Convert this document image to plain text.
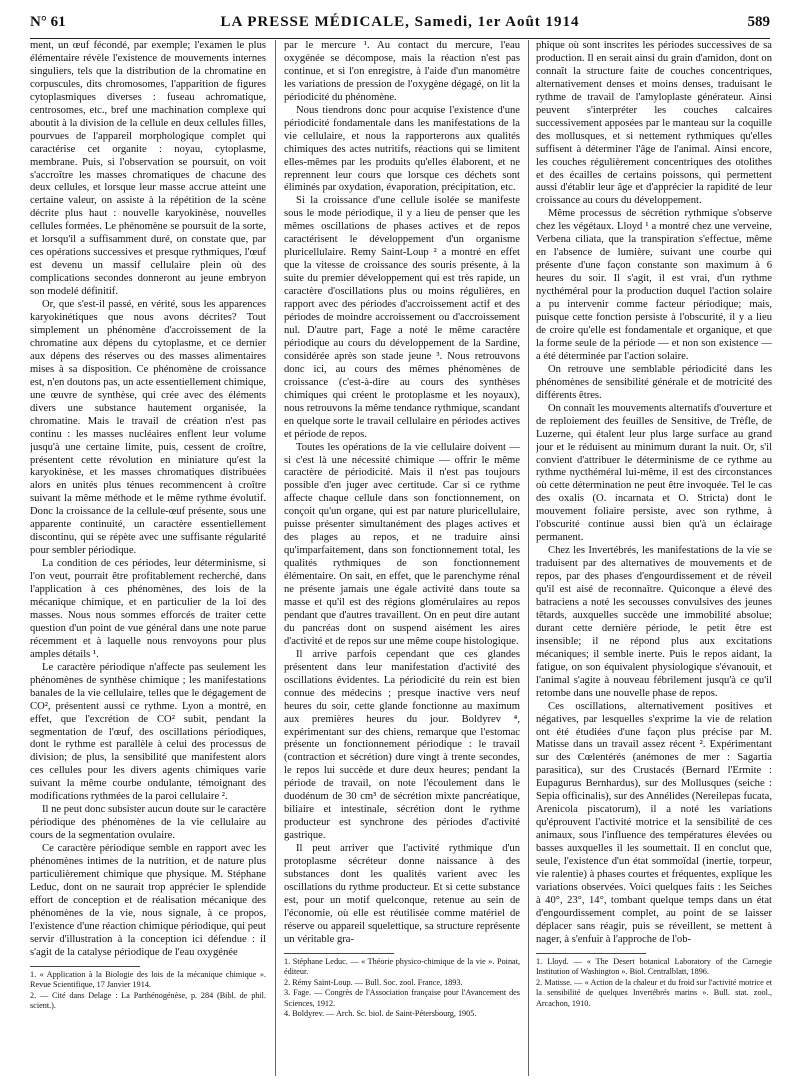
N° 61	LA PRESSE MÉDICALE, Samedi, 1er Août 1914	589

ment, un œuf fécondé, par exemple; l'examen le plus élémentaire révèle l'existence de mouvements internes singuliers, tels que la distribution de la chromatine en corpuscules, dits chromosomes, l'apparition de figures cytoplasmiques diverses : fuseau achromatique, centrosomes, etc., bref une machination complexe qui aboutit à la division de la cellule en deux cellules filles, pourvues de l'appareil morphologique complet qui caractérise cet organite : noyau, cytoplasme, membrane. Puis, si l'observation se poursuit, on voit s'accroître les masses chromatiques de chacune des deux cellules, et lorsque leur masse accrue atteint une certaine valeur, on assiste à la répétition de la scène décrite plus haut : nouvelle karyokinèse, nouvelles cellules formées. Le phénomène se poursuit de la sorte, et lorsqu'il a suffisamment duré, on constate que, par ces opérations successives et presque rythmiques, l'œuf est devenu un massif cellulaire plein où des complications secondes donneront au jeune embryon son modelé définitif.

Or, que s'est-il passé, en vérité, sous les apparences karyokinétiques que nous avons décrites? Tout simplement un phénomène d'accroissement de la chromatine aux dépens du cytoplasme, et ce dernier aux dépens des réserves ou des masses alimentaires mises à sa disposition. Ce phénomène de croissance est, n'en doutons pas, un acte essentiellement chimique, une œuvre de synthèse, qui crée avec des éléments divers une substance hautement organisée, la chromatine. Mais le travail de création n'est pas continu : les masses nucléaires enflent leur volume jusqu'à une certaine limite, puis, cessent de croître, présentent cette révolution en miniature qu'est la karyokinèse, et les masses chromatiques distribuées alors en unités plus ténues recommencent à croître suivant la même méthode et le même rythme évolutif. Donc la croissance de la cellule-œuf présente, sous une apparente continuité, un caractère essentiellement discontinu, qui se répète avec une suffisante régularité pour sembler périodique.

La condition de ces périodes, leur déterminisme, si l'on veut, pourrait être profitablement recherché, dans l'application à ces phénomènes, des lois de la mécanique chimique, et en particulier de la loi des masses. Nous nous sommes efforcés de traiter cette question d'un point de vue général dans une note parue récemment et à laquelle nous renvoyons pour plus amples détails ¹.

Le caractère périodique n'affecte pas seulement les phénomènes de synthèse chimique ; les manifestations banales de la vie cellulaire, telles que le dégagement de CO², présentent aussi ce rythme. Lyon a montré, en effet, que l'excrétion de CO² subit, pendant la segmentation de l'œuf, des oscillations périodiques, dont le rythme est parallèle à celui des processus de division; de plus, la sensibilité que manifestent alors ces cellules pour les divers agents chimiques varie suivant la même courbe ondulante, témoignant des modifications rythmées de la paroi cellulaire ².

Il ne peut donc subsister aucun doute sur le caractère périodique des phénomènes de la vie cellulaire au cours de la segmentation ovulaire.

Ce caractère périodique semble en rapport avec les phénomènes intimes de la nutrition, et de nature plus particulièrement chimique que physique. M. Stéphane Leduc, dont on ne saurait trop apprécier le splendide effort de conception et de réalisation mécanique des phénomènes de la vie, nous signale, à ce propos, l'existence d'une réaction chimique périodique, qui peut servir d'illustration à la conception ici défendue : il s'agit de la catalyse périodique de l'eau oxygénée

1. « Application à la Biologie des lois de la mécanique chimique ». Revue Scientifique, 17 Janvier 1914.

2. — Cité dans Delage : La Parthénogénèse, p. 284 (Bibl. de phil. scient.).

par le mercure ¹. Au contact du mercure, l'eau oxygénée se décompose, mais la réaction n'est pas continue, et si l'on enregistre, à l'aide d'un manomètre les variations de pression de l'oxygène dégagé, on lit la périodicité du phénomène.

Nous tiendrons donc pour acquise l'existence d'une périodicité fondamentale dans les manifestations de la vie cellulaire, et nous la rapporterons aux qualités chimiques des actes nutritifs, réactions qui se limitent elles-mêmes par les produits qu'elles élaborent, et ne reprennent leur cours que lorsque ces déchets sont éliminés par oxydation, évaporation, précipitation, etc.

Si la croissance d'une cellule isolée se manifeste sous le mode périodique, il y a lieu de penser que les mêmes oscillations de phases actives et de repos caractérisent le développement d'un organisme pluricellulaire. Remy Saint-Loup ² a montré en effet que la vitesse de croissance des souris présente, à la suite du premier développement qui est très rapide, un caractère d'oscillations plus ou moins régulières, en rapport avec des périodes d'accroissement actif et des périodes de moindre accroissement ou d'accroissement nul. D'autre part, Fage a noté le même caractère périodique au cours du développement de la Sardine, considérée après son stade jeune ³. Nous retrouvons donc ici, au cours des mêmes phénomènes de croissance (c'est-à-dire au cours des synthèses chimiques qui créent le protoplasme et les noyaux), nous retrouvons la même tendance rythmique, scandant en quelque sorte le travail cellulaire en périodes actives et période de repos.

Toutes les opérations de la vie cellulaire doivent — si c'est là une nécessité chimique — offrir le même caractère de périodicité. Mais il n'est pas toujours possible d'en juger avec certitude. Car si ce rythme affecte chaque cellule dans son fonctionnement, on conçoit qu'un organe, qui est par nature pluricellulaire, puisse présenter simultanément des plages actives et des plages au repos, et ne traduire ainsi qu'imparfaitement, dans son fonctionnement total, les qualités rythmiques de son fonctionnement élémentaire. On sait, en effet, que le parenchyme rénal ne présente jamais une égale activité dans toute sa masse et qu'il est des régions glomérulaires au repos pendant que d'autres travaillent. On en peut dire autant du pancréas dont on suspend aisément les aires d'activité et de repos sur une même coupe histologique.

Il arrive parfois cependant que ces glandes présentent dans leur manifestation d'activité des oscillations évidentes. La périodicité du rein est bien connue des médecins ; presque inactive vers neuf heures du soir, cette glande fonctionne au maximum aux premières heures du jour. Boldyrev ⁴, expérimentant sur des chiens, remarque que l'estomac présente un fonctionnement périodique : le travail (contraction et sécrétion) dure vingt à trente secondes, le repos lui succède et dure deux heures; pendant la période de travail, on note l'écoulement dans le duodénum de 30 cm³ de sécrétion mixte pancréatique, biliaire et intestinale, sécrétion dont le rythme producteur est synchrone des périodes d'activité gastrique.

Il peut arriver que l'activité rythmique d'un protoplasme sécréteur donne naissance à des substances dont les qualités varient avec les oscillations du rythme producteur. Et si cette substance est, pour un motif quelconque, retenue au sein de l'économie, où elle est réutilisée comme matériel de réserve ou appareil squelettique, sa structure représente un véritable gra-

1. Stéphane Leduc. — « Théorie physico-chimique de la vie ». Poinat, éditeur.

2. Rémy Saint-Loup. — Bull. Soc. zool. France, 1893.

3. Fage. — Congrès de l'Association française pour l'Avancement des Sciences, 1912.

4. Boldyrev. — Arch. Sc. biol. de Saint-Pétersbourg, 1905.

phique où sont inscrites les périodes successives de sa production. Il en serait ainsi du grain d'amidon, dont on connaît la structure faite de couches concentriques, alternativement denses et moins denses, traduisant le rythme de travail de l'amyloplaste générateur. Ainsi peuvent s'interpréter les couches calcaires successivement apposées par le manteau sur la coquille des mollusques, et si nettement rythmiques qu'elles suffisent à déterminer l'âge de l'animal. Ainsi encore, les couches régulièrement concentriques des otolithes et des écailles de certains poissons, qui permettent aussi d'établir leur âge et d'apprécier la rapidité de leur croissance au cours du développement.

Même processus de sécrétion rythmique s'observe chez les végétaux. Lloyd ¹ a montré chez une verveine, Verbena ciliata, que la transpiration s'effectue, même en l'absence de lumière, suivant une courbe qui présente d'une façon constante son maximum à 6 heures du soir. Il s'agit, il est vrai, d'un rythme nycthéméral pour la production duquel l'action solaire a pu intervenir comme facteur périodique; mais, puisque cette fonction persiste à l'obscurité, il y a lieu de croire qu'elle est fondamentale et organique, et que la forme seule de la période — et non son existence — a été déterminée par l'action solaire.

On retrouve une semblable périodicité dans les phénomènes de sensibilité générale et de motricité des différents êtres.

On connaît les mouvements alternatifs d'ouverture et de reploiement des feuilles de Sensitive, de Trèfle, de Luzerne, qui étalent leur plus large surface au grand jour et le réduisent au minimum durant la nuit. Or, s'il convient d'attribuer le déterminisme de ce rythme au rythme nycthéméral lui-même, il est des circonstances où cette détermination ne peut être invoquée. Tel le cas des oxalis (O. incarnata et O. Stricta) dont le mouvement foliaire persiste, avec son rythme, à l'obscurité continue aussi bien qu'à un éclairage permanent.

Chez les Invertébrés, les manifestations de la vie se traduisent par des alternatives de mouvements et de repos, par des phases d'engourdissement et de réveil qu'il est aisé de reconnaître. Quiconque a élevé des batraciens a noté les secousses convulsives des jeunes têtards, auxquelles succède une immobilité absolue; durant cette dernière période, le petit être est insensible; il ne répond plus aux excitations mécaniques; il semble inerte. Puis le repos aidant, la fatigue, on son équivalent physiologique s'évanouit, et l'animal s'agite à nouveau fébrilement jusqu'à ce qu'il retombe dans une nouvelle phase de repos.

Ces oscillations, alternativement positives et négatives, par lesquelles s'exprime la vie de relation ont été étudiées d'une façon plus précise par M. Matisse dans un travail assez récent ². Expérimentant sur des Cœlentérés (anémones de mer : Sagartia parasitica), sur des Crustacés (Bernard l'Ermite : Eupagurus Bernhardus), sur des Mollusques (seiche : Sepia officinalis), sur des Annélides (Nereilepas fucata, Arenicola piscatorum), il a noté les variations qu'éprouvent l'activité motrice et la sensibilité de ces animaux, sous l'influence des températures élevées ou basses auxquelles il les soumettait. Il en conclut que, seule, l'existence d'un état sommoïdal (inertie, torpeur, vie ralentie) à phases courtes et fréquentes, explique les variations observées. Voici quelques faits : les Seiches à 40°, 23°, 14°, tombant quelque temps dans un état d'engourdissement complet, au point de se laisser déplacer sans réagir, puis se réveillent, se mettent à nager, à s'enfuir à l'approche de l'ob-

1. Lloyd. — « The Desert botanical Laboratory of the Carnegie Institution of Washington ». Biol. Centralblatt, 1896.

2. Matisse. — « Action de la chaleur et du froid sur l'activité motrice et la sensibilité de quelques Invertébrés marins ». Bull. stat. zool., Arcachon, 1910.
